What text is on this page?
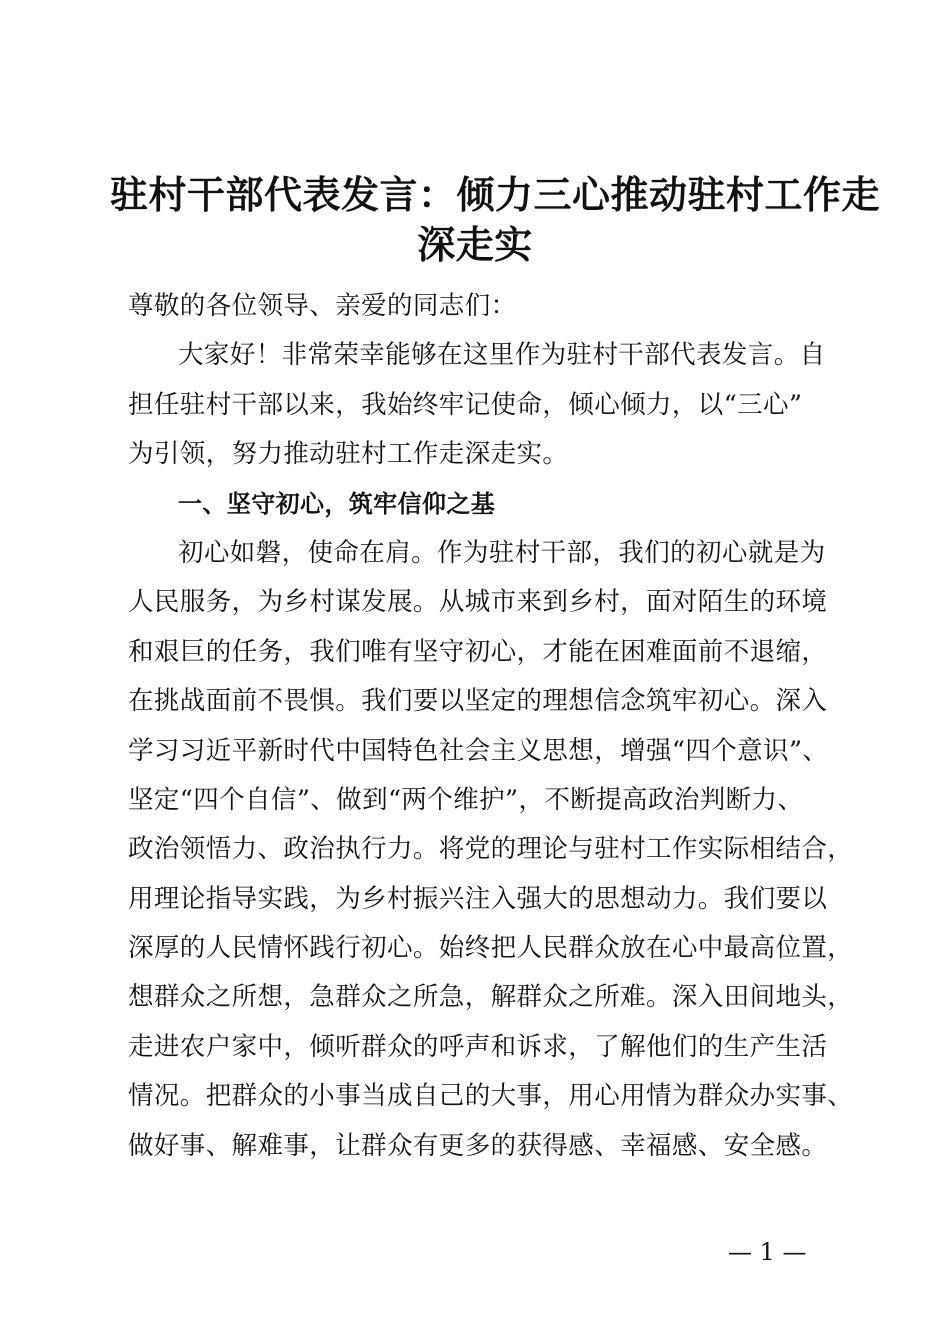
驻村干部代表发言：倾力三心推动驻村工作走
深走实
尊敬的各位领导、亲爱的同志们：
大家好！非常荣幸能够在这里作为驻村干部代表发言。自
担任驻村干部以来，我始终牢记使命，倾心倾力，以“三心”
为引领，努力推动驻村工作走深走实。
一、坚守初心，筑牢信仰之基
初心如磐，使命在肩。作为驻村干部，我们的初心就是为
人民服务，为乡村谋发展。从城市来到乡村，面对陌生的环境
和艰巨的任务，我们唯有坚守初心，才能在困难面前不退缩，
在挑战面前不畏惧。我们要以坚定的理想信念筑牢初心。深入
学习习近平新时代中国特色社会主义思想，增强“四个意识”、
坚定“四个自信”、做到“两个维护”，不断提高政治判断力、
政治领悟力、政治执行力。将党的理论与驻村工作实际相结合，
用理论指导实践，为乡村振兴注入强大的思想动力。我们要以
深厚的人民情怀践行初心。始终把人民群众放在心中最高位置，
想群众之所想，急群众之所急，解群众之所难。深入田间地头，
走进农户家中，倾听群众的呼声和诉求，了解他们的生产生活
情况。把群众的小事当成自己的大事，用心用情为群众办实事、
做好事、解难事，让群众有更多的获得感、幸福感、安全感。
— 1 —
